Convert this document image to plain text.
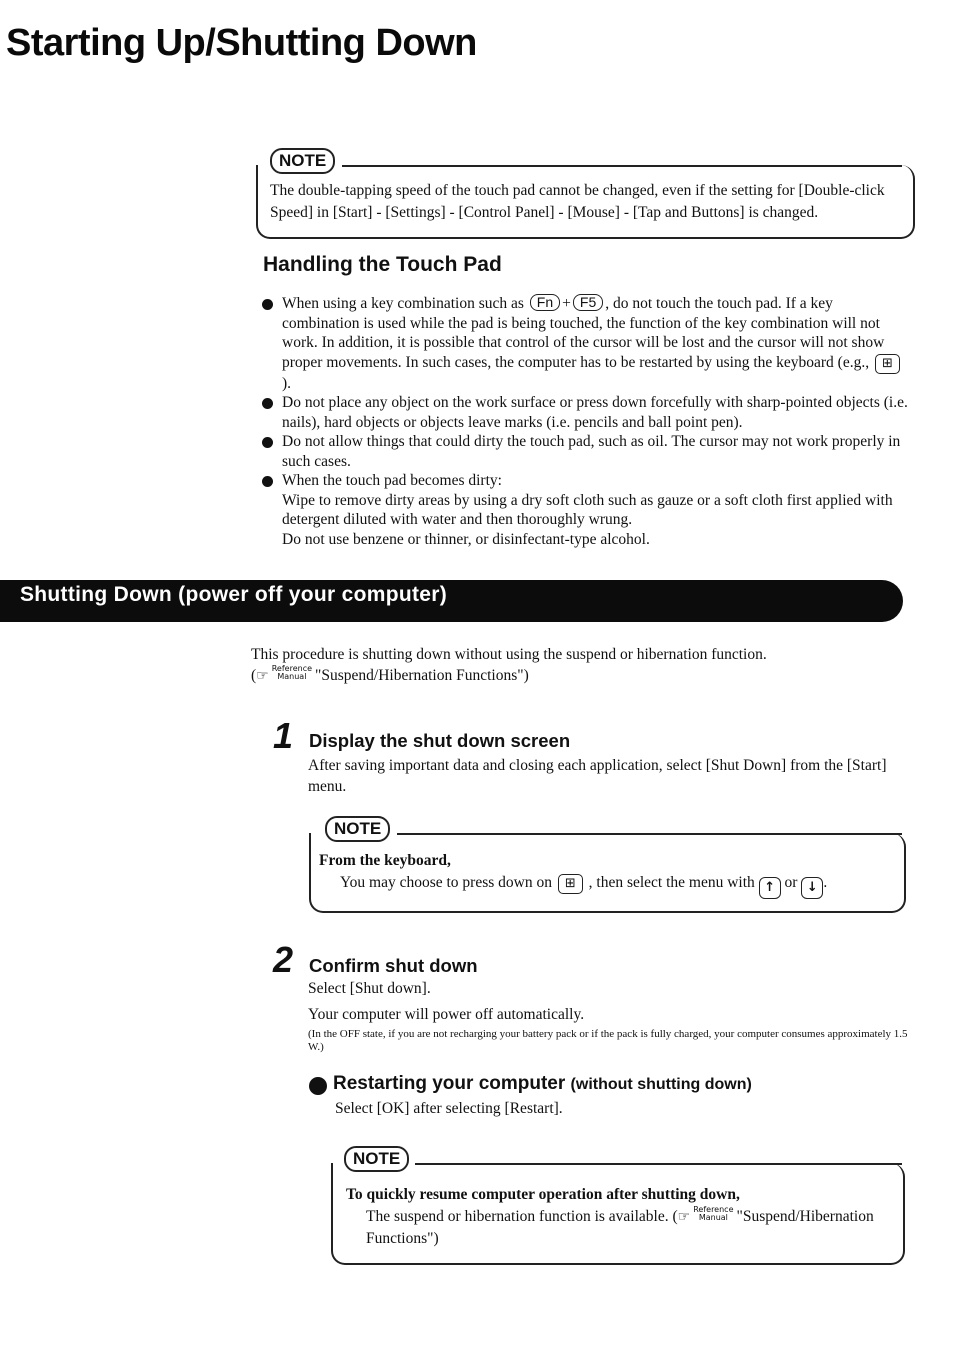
Starting Up/Shutting Down
NOTE
The double-tapping speed of the touch pad cannot be changed, even if the setting for [Double-click Speed] in [Start] - [Settings] - [Control Panel] - [Mouse] - [Tap and Buttons] is changed.
Handling the Touch Pad
When using a key combination such as Fn + F5 , do not touch the touch pad. If a key combination is used while the pad is being touched, the function of the key combination will not work. In addition, it is possible that control of the cursor will be lost and the cursor will not show proper movements. In such cases, the computer has to be restarted by using the keyboard (e.g., ⊞).
Do not place any object on the work surface or press down forcefully with sharp-pointed objects (i.e. nails), hard objects or objects leave marks (i.e. pencils and ball point pen).
Do not allow things that could dirty the touch pad, such as oil. The cursor may not work properly in such cases.
When the touch pad becomes dirty:
Wipe to remove dirty areas by using a dry soft cloth such as gauze or a soft cloth first applied with detergent diluted with water and then thoroughly wrung.
Do not use benzene or thinner, or disinfectant-type alcohol.
Shutting Down (power off your computer)
This procedure is shutting down without using the suspend or hibernation function.
(☞ Reference
Manual "Suspend/Hibernation Functions")
1 Display the shut down screen
After saving important data and closing each application, select [Shut Down] from the [Start] menu.
NOTE
From the keyboard,
You may choose to press down on ⊞ , then select the menu with ↑ or ↓ .
2 Confirm shut down
Select [Shut down].
Your computer will power off automatically.
(In the OFF state, if you are not recharging your battery pack or if the pack is fully charged, your computer consumes approximately 1.5 W.)
Restarting your computer (without shutting down)
Select [OK] after selecting [Restart].
NOTE
To quickly resume computer operation after shutting down,
The suspend or hibernation function is available. (☞ Reference
Manual "Suspend/Hibernation Functions")
